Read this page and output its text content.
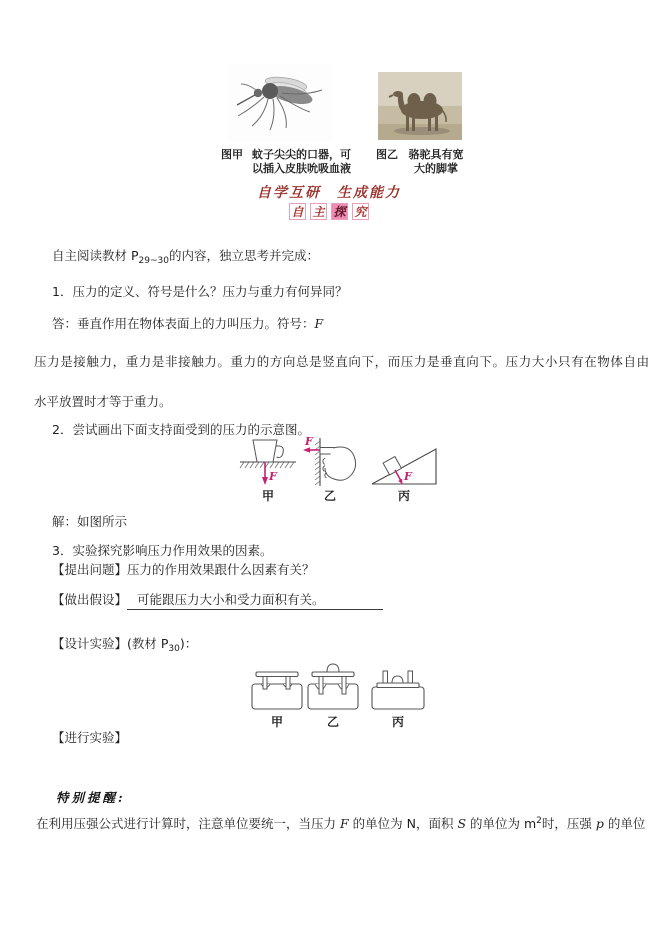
图甲 蚊子尖尖的口器，可
以插入皮肤吮吸血液
图乙 骆驼具有宽
大的脚掌
自学互研　生成能力
自 主 探 究
自主阅读教材 $P_{29\sim 30}$的内容，独立思考并完成：
1．压力的定义、符号是什么？压力与重力有何异同？
答：垂直作用在物体表面上的力叫压力。符号：F
压力是接触力，重力是非接触力。重力的方向总是竖直向下，而压力是垂直向下。压力大小只有在物体自由
水平放置时才等于重力。
2．尝试画出下面支持面受到的压力的示意图。
F
甲
F
乙
F
丙
解：如图所示
3．实验探究影响压力作用效果的因素。
【提出问题】压力的作用效果跟什么因素有关？
【做出假设】 可能跟压力大小和受力面积有关。
【设计实验】(教材 $P_{30}$)：
甲	乙	丙
【进行实验】
特别提醒:
在利用压强公式进行计算时，注意单位要统一，当压力 F 的单位为 N，面积 S 的单位为 $m^2$时，压强 p 的单位
